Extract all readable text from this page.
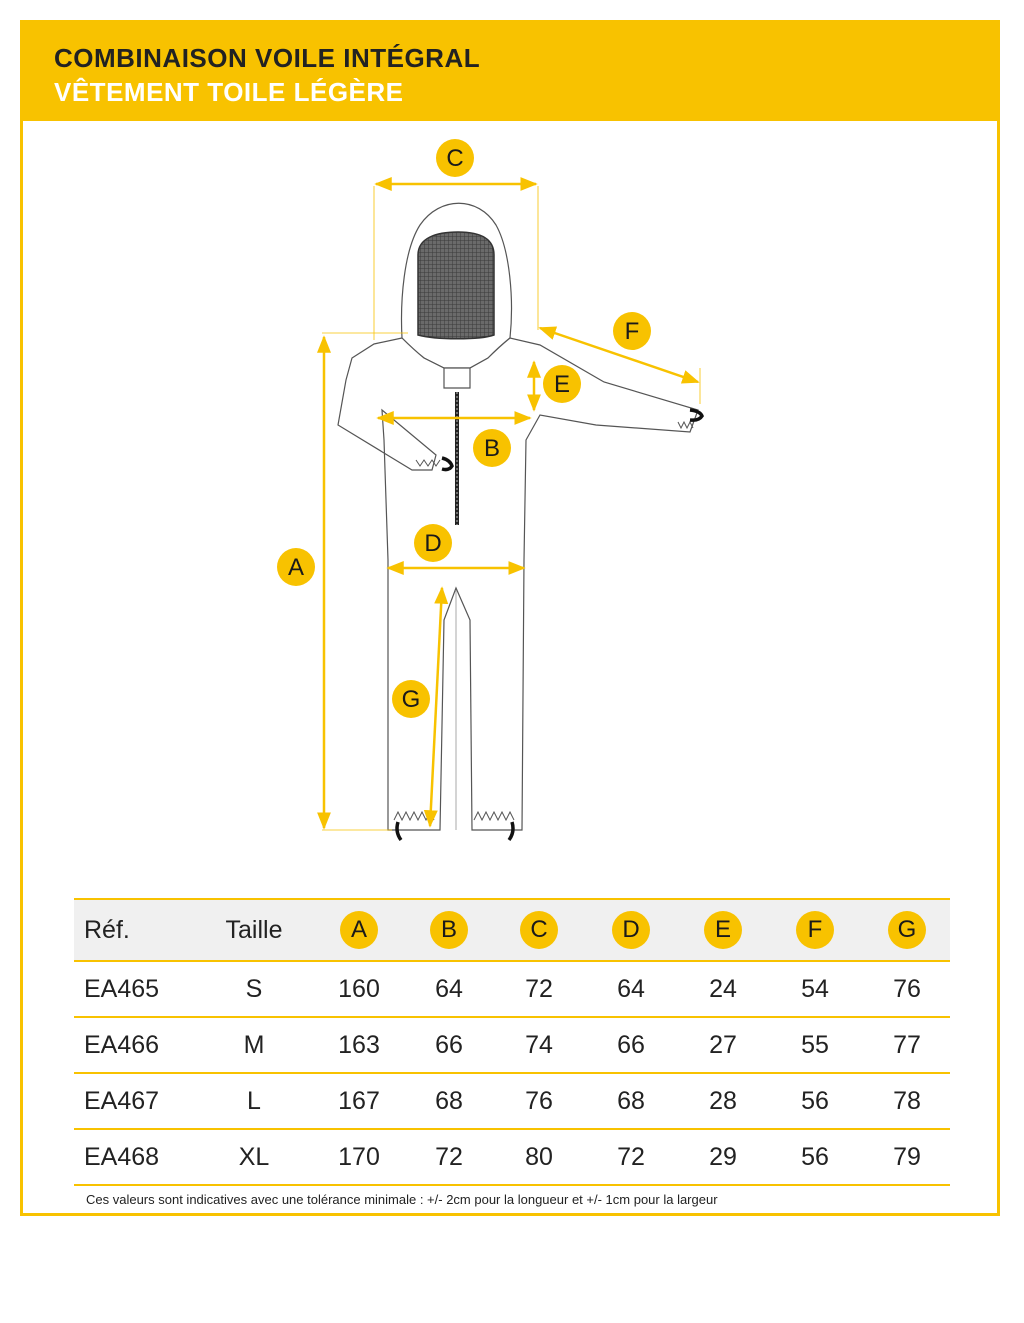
COMBINAISON VOILE INTÉGRAL
VÊTEMENT TOILE LÉGÈRE
A
B
C
D
E
F
G
Réf.	Taille	A	B	C	D	E	F	G
EA465	S	160	64	72	64	24	54	76
EA466	M	163	66	74	66	27	55	77
EA467	L	167	68	76	68	28	56	78
EA468	XL	170	72	80	72	29	56	79
Ces valeurs sont indicatives avec une tolérance minimale : +/- 2cm pour la longueur et +/- 1cm pour la largeur
